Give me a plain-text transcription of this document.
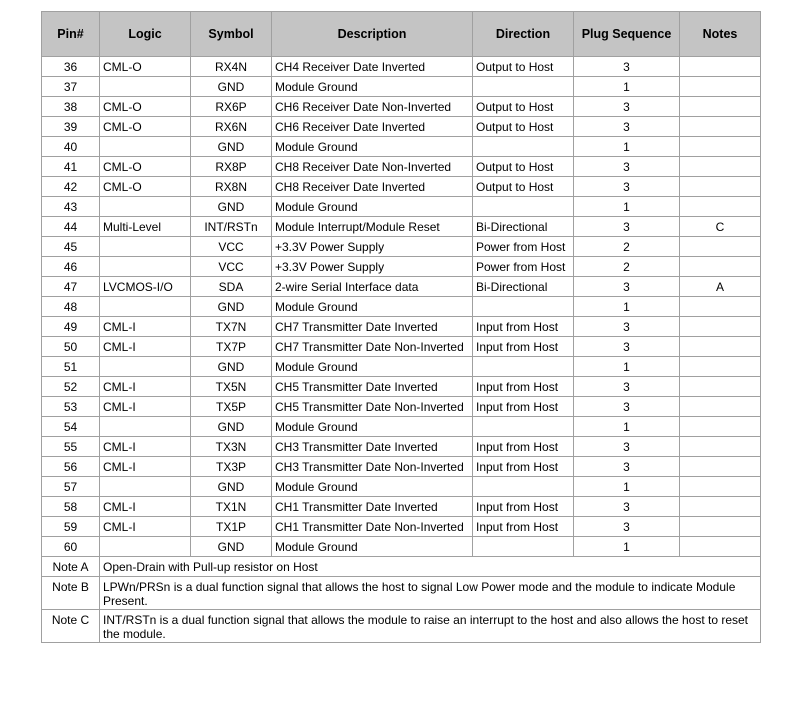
Pin#	Logic	Symbol	Description	Direction	Plug Sequence	Notes

36	CML-O	RX4N	CH4 Receiver Date Inverted	Output to Host	3	

37		GND	Module Ground		1	

38	CML-O	RX6P	CH6 Receiver Date Non-Inverted	Output to Host	3	

39	CML-O	RX6N	CH6 Receiver Date Inverted	Output to Host	3	

40		GND	Module Ground		1	

41	CML-O	RX8P	CH8 Receiver Date Non-Inverted	Output to Host	3	

42	CML-O	RX8N	CH8 Receiver Date Inverted	Output to Host	3	

43		GND	Module Ground		1	

44	Multi-Level	INT/RSTn	Module Interrupt/Module Reset	Bi-Directional	3	C

45		VCC	+3.3V Power Supply	Power from Host	2	

46		VCC	+3.3V Power Supply	Power from Host	2	

47	LVCMOS-I/O	SDA	2-wire Serial Interface data	Bi-Directional	3	A

48		GND	Module Ground		1	

49	CML-I	TX7N	CH7 Transmitter Date Inverted	Input from Host	3	

50	CML-I	TX7P	CH7 Transmitter Date Non-Inverted	Input from Host	3	

51		GND	Module Ground		1	

52	CML-I	TX5N	CH5 Transmitter Date Inverted	Input from Host	3	

53	CML-I	TX5P	CH5 Transmitter Date Non-Inverted	Input from Host	3	

54		GND	Module Ground		1	

55	CML-I	TX3N	CH3 Transmitter Date Inverted	Input from Host	3	

56	CML-I	TX3P	CH3 Transmitter Date Non-Inverted	Input from Host	3	

57		GND	Module Ground		1	

58	CML-I	TX1N	CH1 Transmitter Date Inverted	Input from Host	3	

59	CML-I	TX1P	CH1 Transmitter Date Non-Inverted	Input from Host	3	

60		GND	Module Ground		1	

Note A	Open-Drain with Pull-up resistor on Host					

Note B	LPWn/PRSn is a dual function signal that allows the host to signal Low Power mode and the module to indicate Module Present.					

Note C	INT/RSTn is a dual function signal that allows the module to raise an interrupt to the host and also allows the host to reset the module.					
